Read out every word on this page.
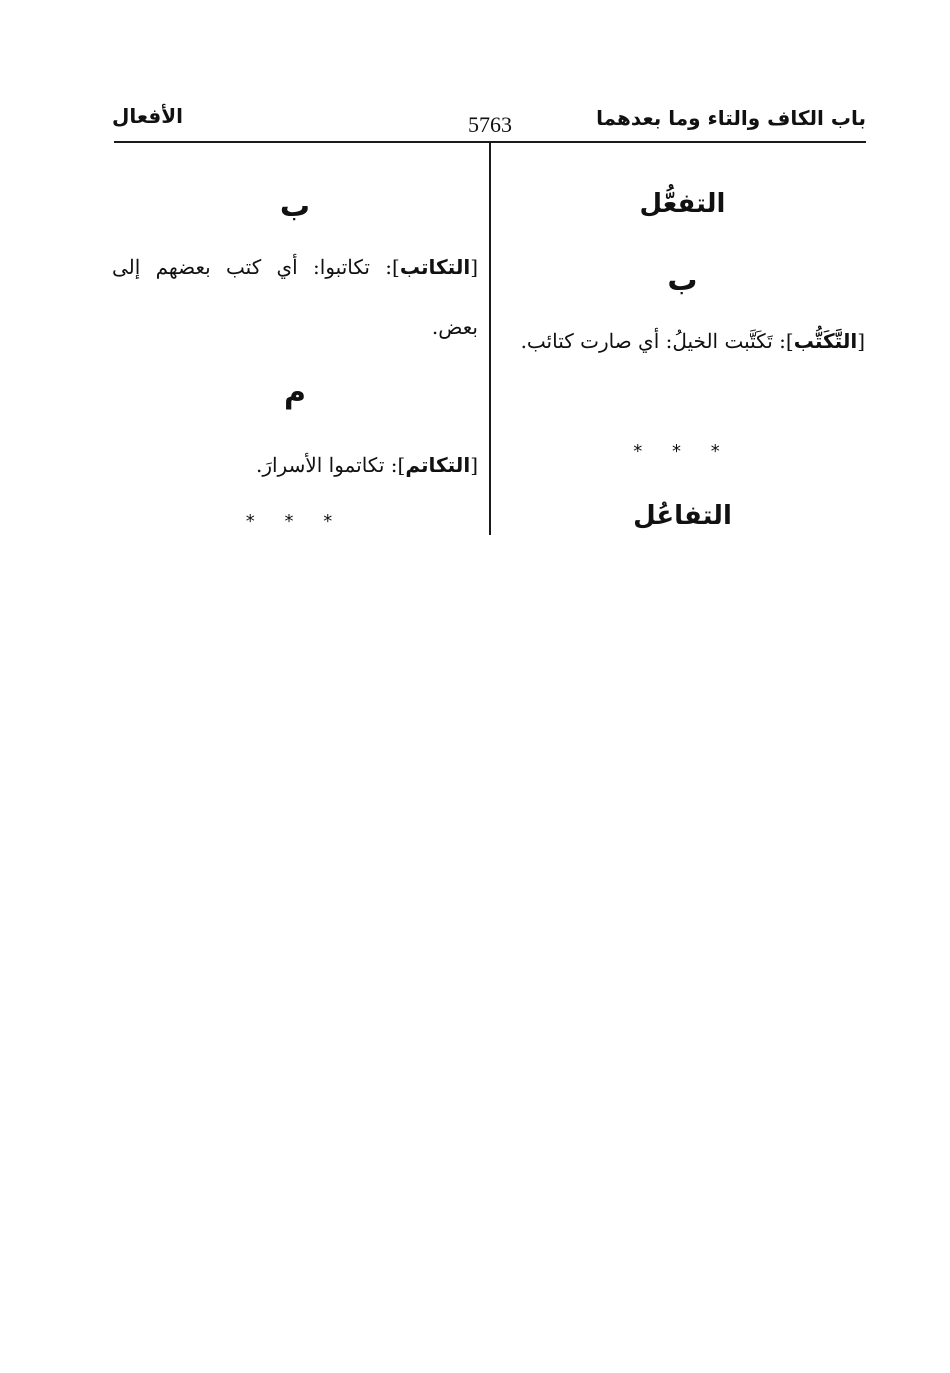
باب الكاف والتاء وما بعدهما
5763
الأفعال
التفعُّل
ب
[التَّكَتُّب]: تَكَتَّبت الخيلُ: أي صارت كتائب.
* * *
التفاعُل
ب
[التكاتب]: تكاتبوا: أي كتب بعضهم إلى بعض.
م
[التكاتم]: تكاتموا الأسرارَ.
* * *
